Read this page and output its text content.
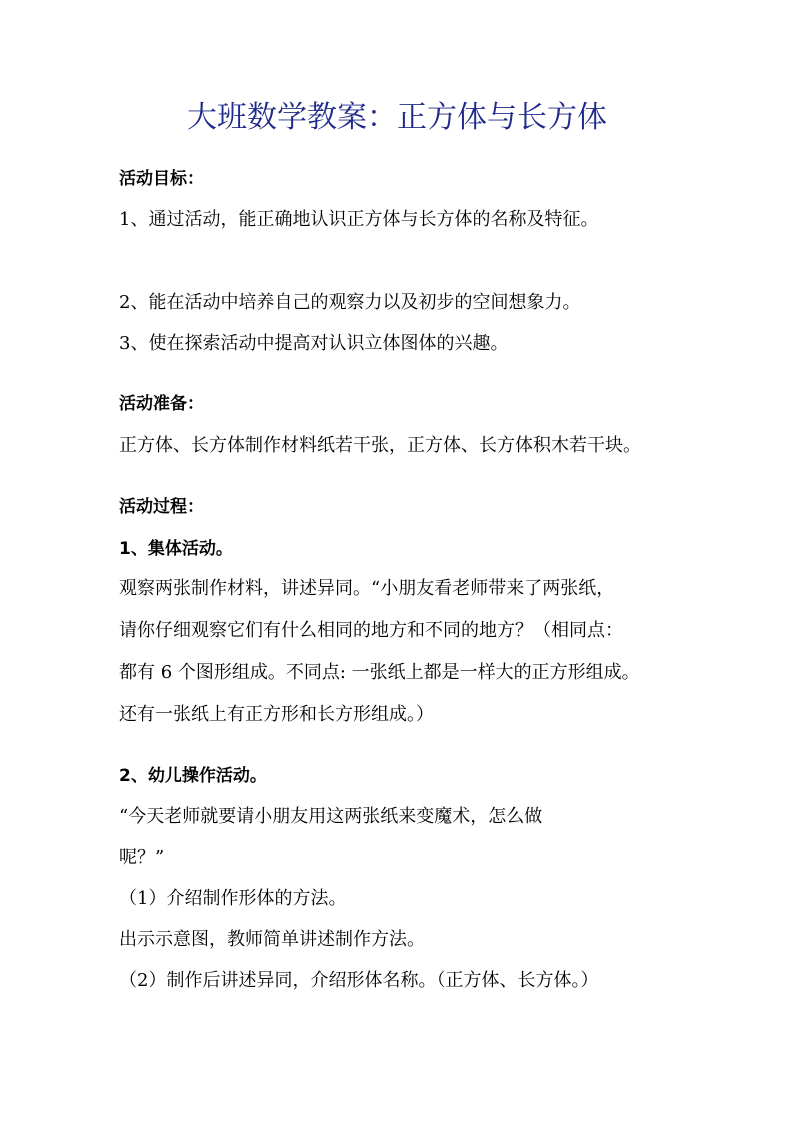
大班数学教案：正方体与长方体
活动目标：
1、通过活动，能正确地认识正方体与长方体的名称及特征。
2、能在活动中培养自己的观察力以及初步的空间想象力。
3、使在探索活动中提高对认识立体图体的兴趣。
活动准备：
正方体、长方体制作材料纸若干张，正方体、长方体积木若干块。
活动过程：
1、集体活动。
观察两张制作材料，讲述异同。“小朋友看老师带来了两张纸，
请你仔细观察它们有什么相同的地方和不同的地方？（相同点：
都有 6 个图形组成。不同点: 一张纸上都是一样大的正方形组成。
还有一张纸上有正方形和长方形组成。）
2、幼儿操作活动。
“今天老师就要请小朋友用这两张纸来变魔术，怎么做
呢？”
（1）介绍制作形体的方法。
出示示意图，教师简单讲述制作方法。
（2）制作后讲述异同，介绍形体名称。（正方体、长方体。）
